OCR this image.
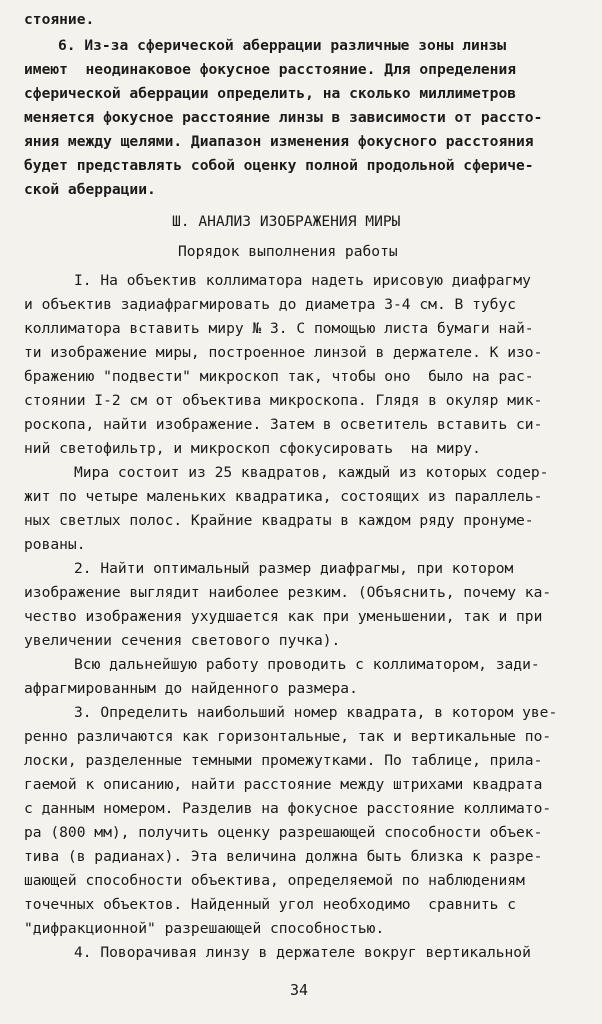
стояние.
6. Из-за сферической аберрации различные зоны линзы
имеют  неодинаковое фокусное расстояние. Для определения
сферической аберрации определить, на сколько миллиметров
меняется фокусное расстояние линзы в зависимости от рассто-
яния между щелями. Диапазон изменения фокусного расстояния
будет представлять собой оценку полной продольной сфериче-
ской аберрации.
Ш. АНАЛИЗ ИЗОБРАЖЕНИЯ МИРЫ
Порядок выполнения работы
I. На объектив коллиматора надеть ирисовую диафрагму
и объектив задиафрагмировать до диаметра 3-4 см. В тубус
коллиматора вставить миру № 3. С помощью листа бумаги най-
ти изображение миры, построенное линзой в держателе. К изо-
бражению "подвести" микроскоп так, чтобы оно  было на рас-
стоянии I-2 см от объектива микроскопа. Глядя в окуляр мик-
роскопа, найти изображение. Затем в осветитель вставить си-
ний светофильтр, и микроскоп сфокусировать  на миру.
Мира состоит из 25 квадратов, каждый из которых содер-
жит по четыре маленьких квадратика, состоящих из параллель-
ных светлых полос. Крайние квадраты в каждом ряду пронуме-
рованы.
2. Найти оптимальный размер диафрагмы, при котором
изображение выглядит наиболее резким. (Объяснить, почему ка-
чество изображения ухудшается как при уменьшении, так и при
увеличении сечения светового пучка).
Всю дальнейшую работу проводить с коллиматором, зади-
афрагмированным до найденного размера.
3. Определить наибольший номер квадрата, в котором уве-
ренно различаются как горизонтальные, так и вертикальные по-
лоски, разделенные темными промежутками. По таблице, прила-
гаемой к описанию, найти расстояние между штрихами квадрата
с данным номером. Разделив на фокусное расстояние коллимато-
ра (800 мм), получить оценку разрешающей способности объек-
тива (в радианах). Эта величина должна быть близка к разре-
шающей способности объектива, определяемой по наблюдениям
точечных объектов. Найденный угол необходимо  сравнить с
"дифракционной" разрешающей способностью.
4. Поворачивая линзу в держателе вокруг вертикальной
34
